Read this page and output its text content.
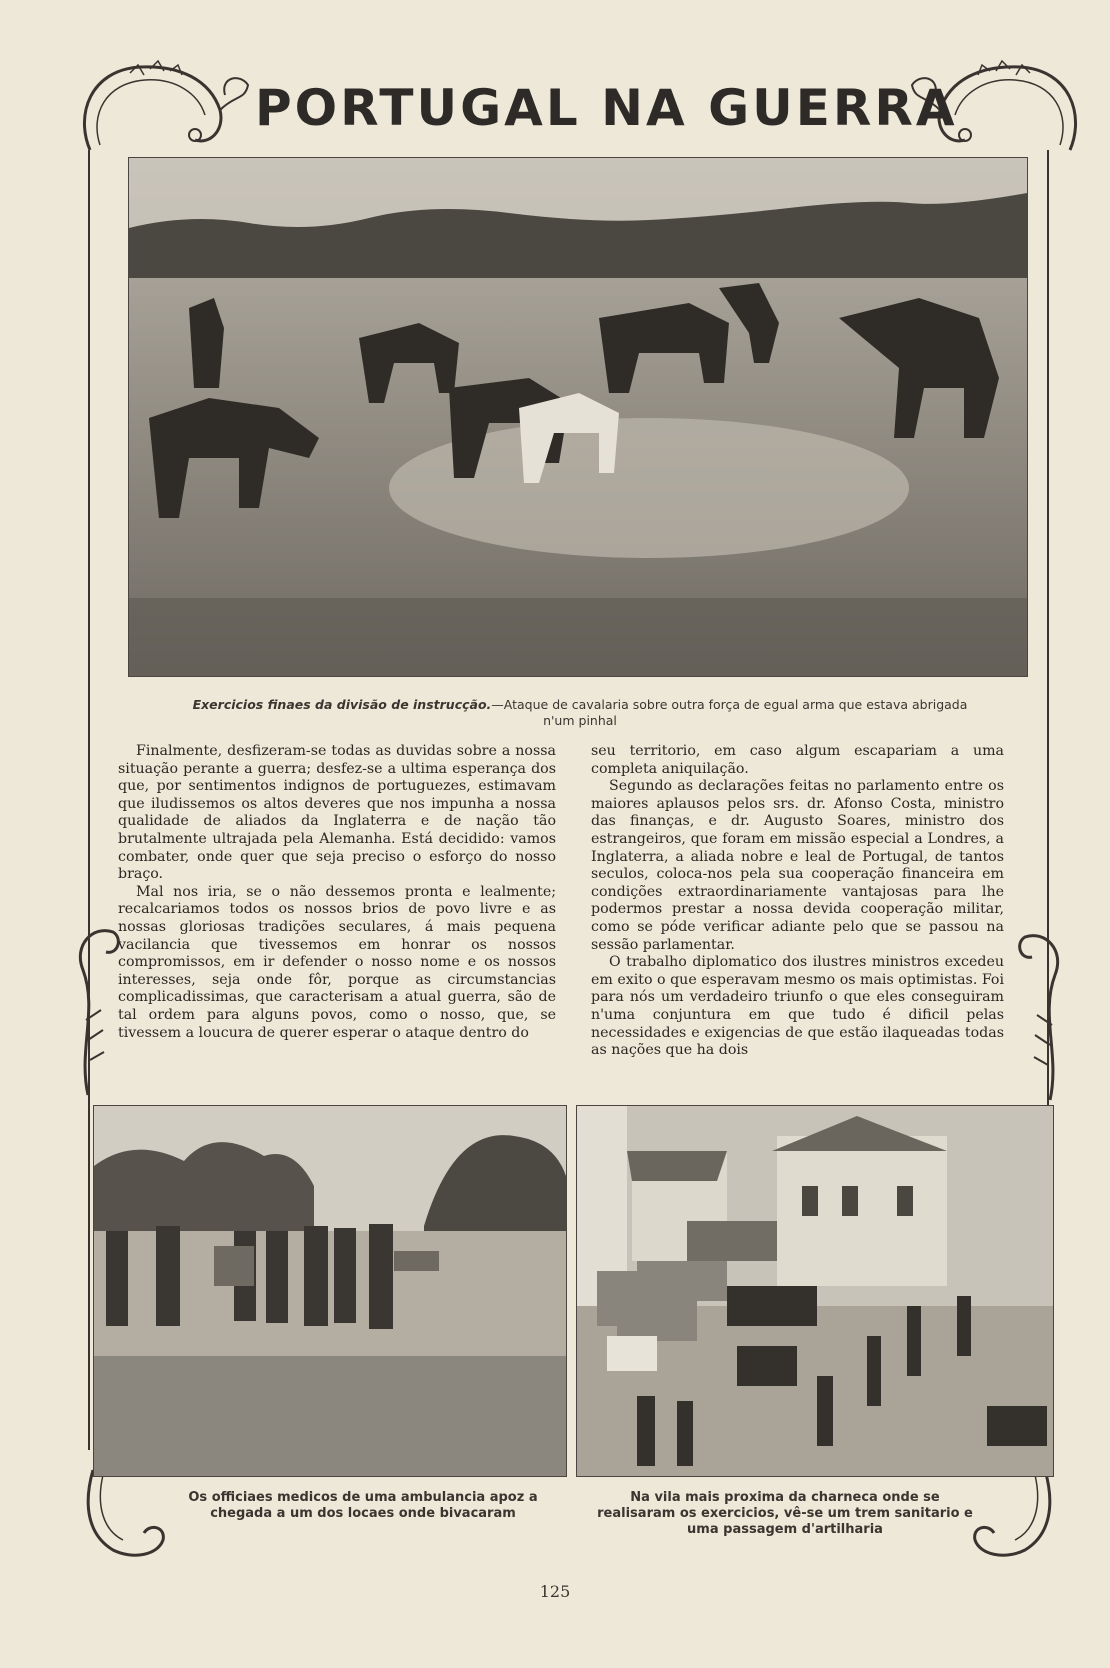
PORTUGAL NA GUERRA
Exercicios finaes da divisão de instrucção.—Ataque de cavalaria sobre outra força de egual arma que estava abrigada n'um pinhal

Finalmente, desfizeram-se todas as duvidas sobre a nossa situação perante a guerra; desfez-se a ultima esperança dos que, por sentimentos indignos de portuguezes, estimavam que iludissemos os altos deveres que nos impunha a nossa qualidade de aliados da Inglaterra e de nação tão brutalmente ultrajada pela Alemanha. Está decidido: vamos combater, onde quer que seja preciso o esforço do nosso braço.

Mal nos iria, se o não dessemos pronta e lealmente; recalcariamos todos os nossos brios de povo livre e as nossas gloriosas tradições seculares, á mais pequena vacilancia que tivessemos em honrar os nossos compromissos, em ir defender o nosso nome e os nossos interesses, seja onde fôr, porque as circumstancias complicadissimas, que caracterisam a atual guerra, são de tal ordem para alguns povos, como o nosso, que, se tivessem a loucura de querer esperar o ataque dentro do

seu territorio, em caso algum escapariam a uma completa aniquilação.

Segundo as declarações feitas no parlamento entre os maiores aplausos pelos srs. dr. Afonso Costa, ministro das finanças, e dr. Augusto Soares, ministro dos estrangeiros, que foram em missão especial a Londres, a Inglaterra, a aliada nobre e leal de Portugal, de tantos seculos, coloca-nos pela sua cooperação financeira em condições extraordinariamente vantajosas para lhe podermos prestar a nossa devida cooperação militar, como se póde verificar adiante pelo que se passou na sessão parlamentar.

O trabalho diplomatico dos ilustres ministros excedeu em exito o que esperavam mesmo os mais optimistas. Foi para nós um verdadeiro triunfo o que eles conseguiram n'uma conjuntura em que tudo é dificil pelas necessidades e exigencias de que estão ilaqueadas todas as nações que ha dois

Os officiaes medicos de uma ambulancia apoz a chegada a um dos locaes onde bivacaram
Na vila mais proxima da charneca onde se realisaram os exercicios, vê-se um trem sanitario e uma passagem d'artilharia
125
